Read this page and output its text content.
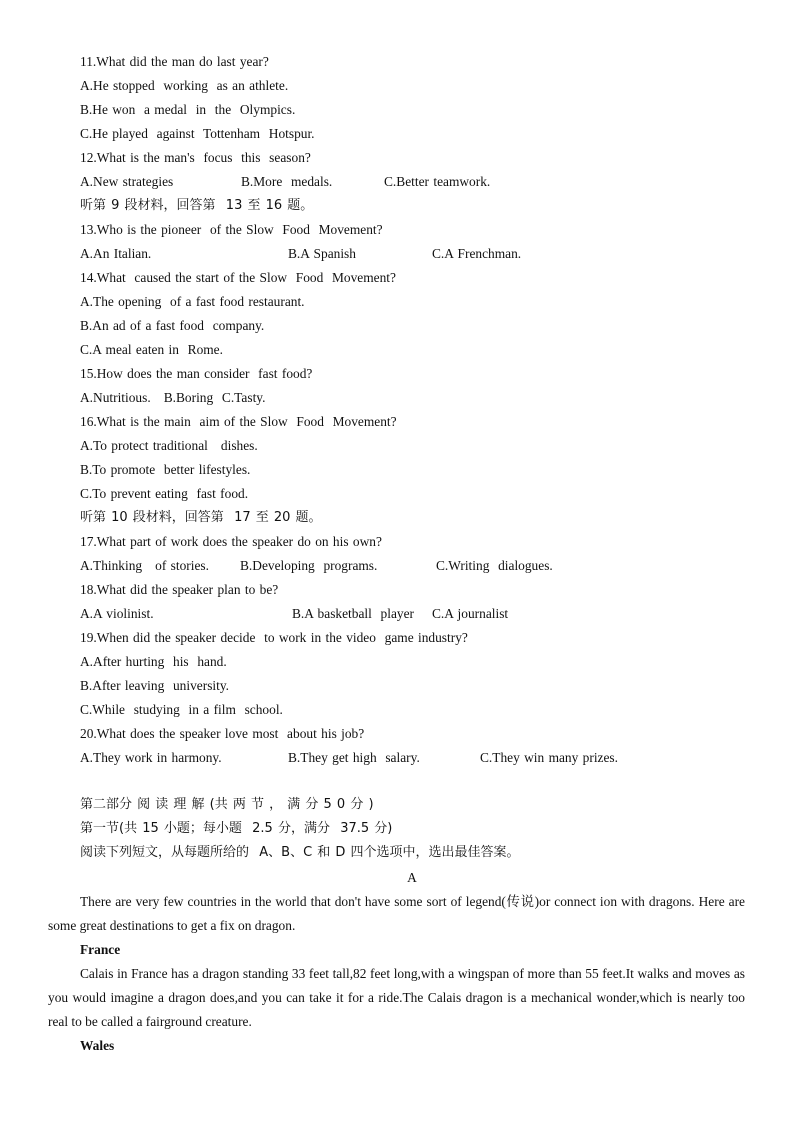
11.What did the man do last year?
A.He stopped  working  as an athlete.
B.He won  a medal  in  the  Olympics.
C.He played  against  Tottenham  Hotspur.
12.What is the man's  focus  this  season?

A.New strategies

	B.More  medals.

	C.Better teamwork.

听第 9 段材料，回答第  13 至 16 题。
13.Who is the pioneer  of the Slow  Food  Movement?

A.An Italian.

	B.A Spanish

	C.A Frenchman.

14.What  caused the start of the Slow  Food  Movement?
A.The opening  of a fast food restaurant.
B.An ad of a fast food  company.
C.A meal eaten in  Rome.
15.How does the man consider  fast food?
A.Nutritious.   B.Boring  C.Tasty.
16.What is the main  aim of the Slow  Food  Movement?
A.To protect traditional   dishes.
B.To promote  better lifestyles.
C.To prevent eating  fast food.
听第 10 段材料，回答第  17 至 20 题。
17.What part of work does the speaker do on his own?

A.Thinking   of stories.

B.Developing  programs.

	C.Writing  dialogues.

18.What did the speaker plan to be?

A.A violinist.

	B.A basketball  player

C.A journalist

19.When did the speaker decide  to work in the video  game industry?
A.After hurting  his  hand.
B.After leaving  university.
C.While  studying  in a film  school.
20.What does the speaker love most  about his job?

A.They work in harmony.

	B.They get high  salary.

	C.They win many prizes.

第二部分 阅 读 理 解 (共 两 节 ， 满 分 5 0 分 )
第一节(共 15 小题；每小题  2.5 分，满分  37.5 分)
阅读下列短文，从每题所给的  A、B、C 和 D 四个选项中，选出最佳答案。
A

There are very few countries in the world that don't have some sort of legend(传说)or connect ion with dragons. Here are some great destinations to get a fix on dragon.

France

Calais in France has a dragon standing 33 feet tall,82 feet long,with a wingspan of more than 55 feet.It walks and moves as you would imagine a dragon does,and you can take it for a ride.The Calais dragon is a mechanical wonder,which is nearly too real to be called a fairground creature.

Wales
